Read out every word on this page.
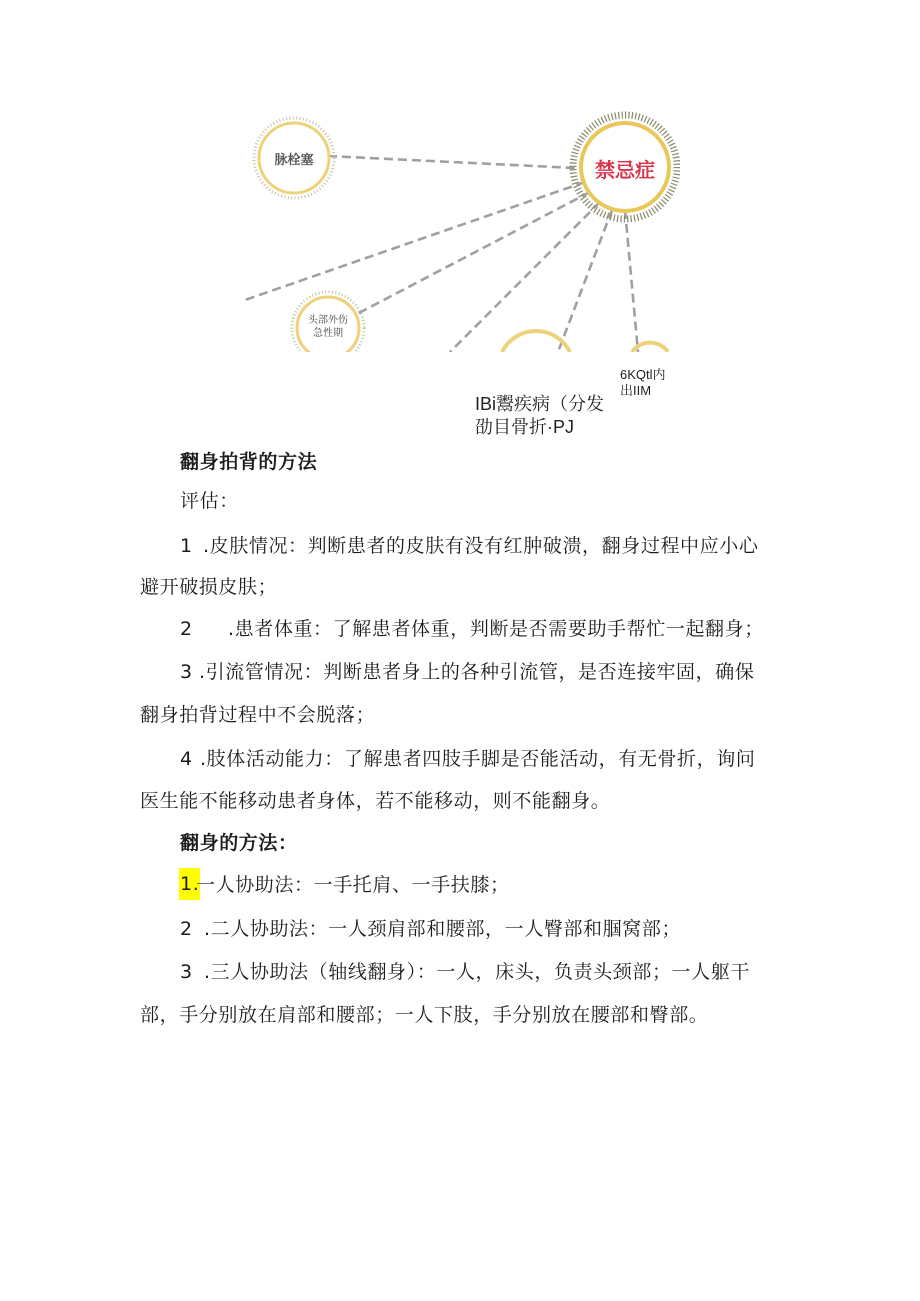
禁忌症
脉栓塞
头部外伤
急性期
6KQtl内
出IIM
IBi鬻疾病（分发
劭目骨折·PJ
翻身拍背的方法
评估：
1 .皮肤情况：判断患者的皮肤有没有红肿破溃，翻身过程中应小心
避开破损皮肤；
2 .患者体重：了解患者体重，判断是否需要助手帮忙一起翻身；
3 .引流管情况：判断患者身上的各种引流管，是否连接牢固，确保
翻身拍背过程中不会脱落；
4 .肢体活动能力：了解患者四肢手脚是否能活动，有无骨折，询问
医生能不能移动患者身体，若不能移动，则不能翻身。
翻身的方法：
1.
一人协助法：一手托肩、一手扶膝；
2 .二人协助法：一人颈肩部和腰部，一人臀部和腘窝部；
3 .三人协助法（轴线翻身）：一人，床头，负责头颈部；一人躯干
部，手分别放在肩部和腰部；一人下肢，手分别放在腰部和臀部。
